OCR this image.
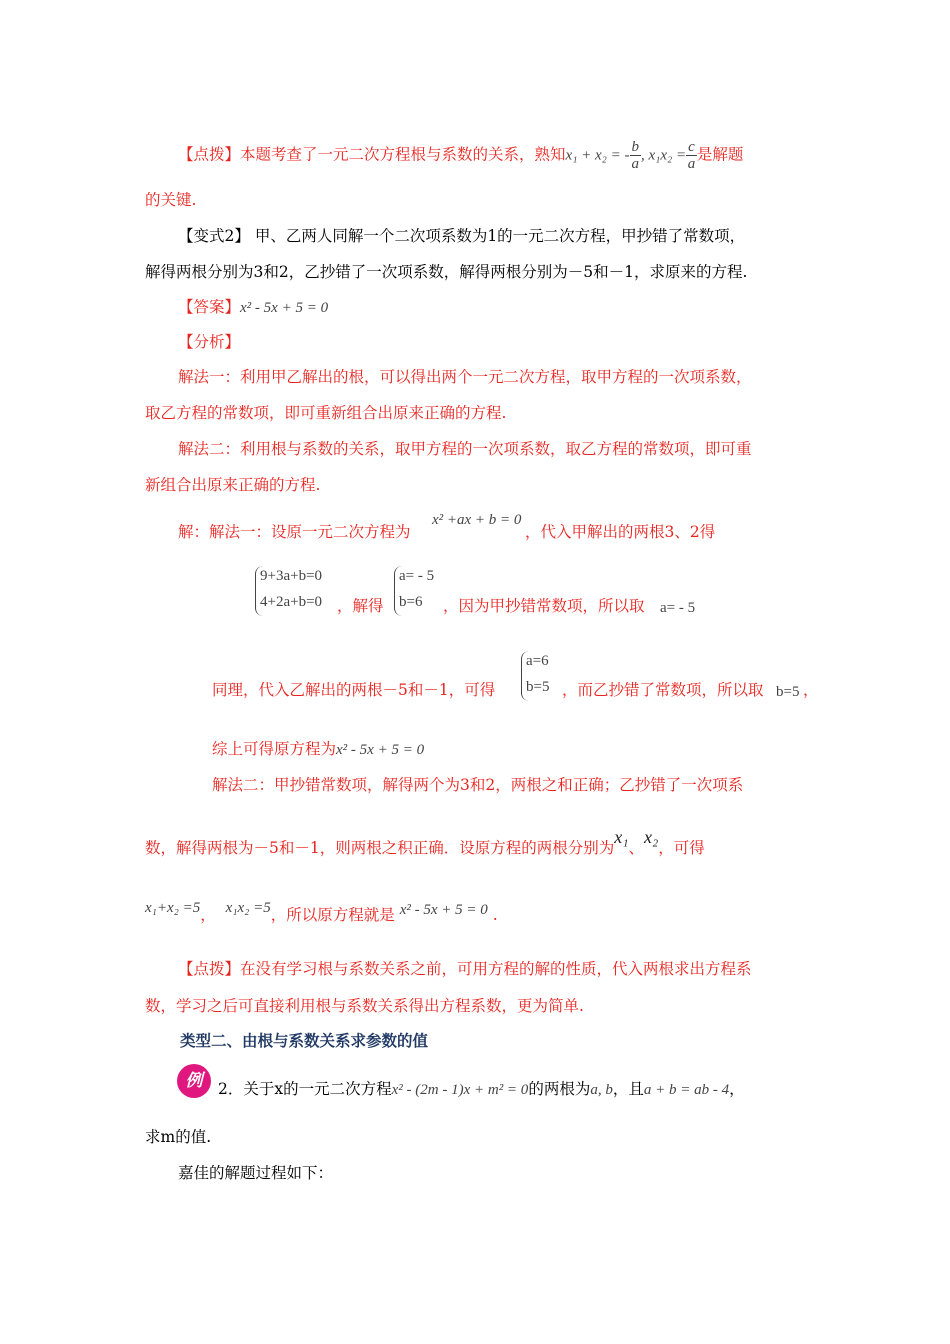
【点拨】本题考查了一元二次方程根与系数的关系，熟知x₁ + x₂ = - $\frac{b}{a}$ , $x_1x_2 = \frac{c}{a}$ 是解题
的关键.
【变式2】 甲、乙两人同解一个二次项系数为1的一元二次方程，甲抄错了常数项，
解得两根分别为3和2，乙抄错了一次项系数，解得两根分别为－5和－1，求原来的方程.
【答案】x² - 5x + 5 = 0
【分析】
解法一：利用甲乙解出的根，可以得出两个一元二次方程，取甲方程的一次项系数，
取乙方程的常数项，即可重新组合出原来正确的方程.
解法二：利用根与系数的关系，取甲方程的一次项系数，取乙方程的常数项，即可重
新组合出原来正确的方程.
解：解法一：设原一元二次方程为
x² +ax + b = 0
，代入甲解出的两根3、2得
9+3a+b=0
4+2a+b=0 ，解得
a= - 5
b=6	，因为甲抄错常数项，所以取 a= - 5
同理，代入乙解出的两根－5和－1，可得
a=6
b=5 ，而乙抄错了常数项，所以取 b=5 ，
综上可得原方程为x² - 5x + 5 = 0
解法二：甲抄错常数项，解得两个为3和2，两根之和正确；乙抄错了一次项系
数，解得两根为－5和－1，则两根之积正确．设原方程的两根分别为x₁、x₂，可得
x₁+x₂ =5， x₁x₂ =5，所以原方程就是 x² - 5x + 5 = 0 .
【点拨】在没有学习根与系数关系之前，可用方程的解的性质，代入两根求出方程系
数，学习之后可直接利用根与系数关系得出方程系数，更为简单.
类型二、由根与系数关系求参数的值
例	2．关于x的一元二次方程x² - (2m - 1)x + m² = 0的两根为a, b，且a + b = ab - 4，
求m的值.
嘉佳的解题过程如下：
